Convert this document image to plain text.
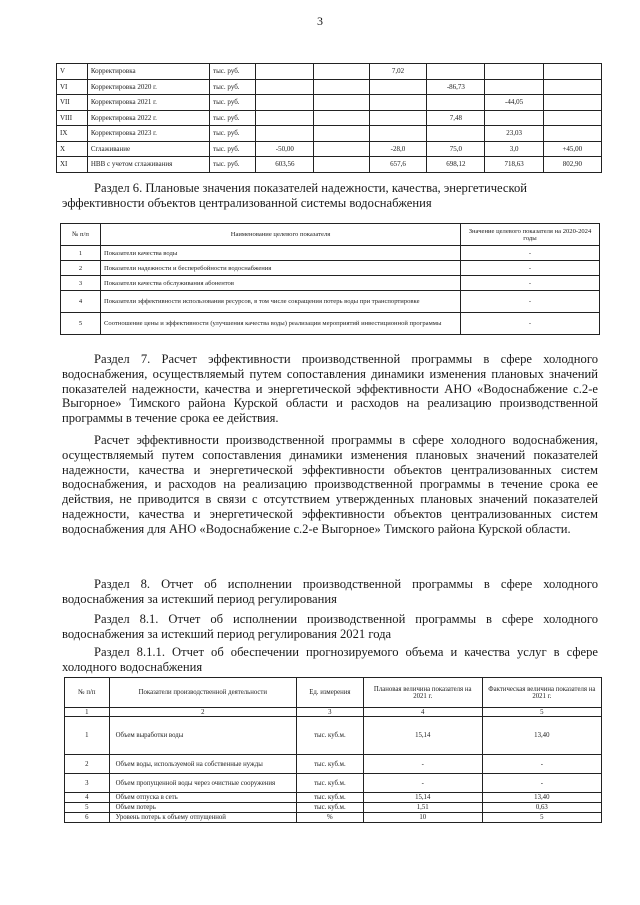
3
V	Корректировка	тыс. руб.			7,02			
VI	Корректировка 2020 г.	тыс. руб.				-86,73		
VII	Корректировка 2021 г.	тыс. руб.					-44,05	
VIII	Корректировка 2022 г.	тыс. руб.				7,48		
IX	Корректировка 2023 г.	тыс. руб.					23,03	
X	Сглаживание	тыс. руб.	-50,00		-28,0	75,0	3,0	+45,00
XI	НВВ с учетом сглаживания	тыс. руб.	603,56		657,6	698,12	718,63	802,90
Раздел 6. Плановые значения показателей надежности, качества, энергетической эффективности объектов централизованной системы водоснабжения
№ п/п	Наименование целевого показателя	Значение целевого показателя на 2020-2024 годы
1	Показатели качества воды	-
2	Показатели надежности и бесперебойности водоснабжения	-
3	Показатели качества обслуживания абонентов	-
4	Показатели эффективности использования ресурсов, в том числе сокращения потерь воды при транспортировке	-
5	Соотношение цены и эффективности (улучшения качества воды) реализации мероприятий инвестиционной программы	-
Раздел 7. Расчет эффективности производственной программы в сфере холодного водоснабжения, осуществляемый путем сопоставления динамики изменения плановых значений показателей надежности, качества и энергетической эффективности АНО «Водоснабжение с.2-е Выгорное» Тимского района Курской области и расходов на реализацию производственной программы в течение срока ее действия.
Расчет эффективности производственной программы в сфере холодного водоснабжения, осуществляемый путем сопоставления динамики изменения плановых значений показателей надежности, качества и энергетической эффективности объектов централизованных систем водоснабжения, и расходов на реализацию производственной программы в течение срока ее действия, не приводится в связи с отсутствием утвержденных плановых значений показателей надежности, качества и энергетической эффективности объектов централизованных систем водоснабжения для АНО «Водоснабжение с.2-е Выгорное» Тимского района Курской области.
Раздел 8. Отчет об исполнении производственной программы в сфере холодного водоснабжения за истекший период регулирования
Раздел 8.1. Отчет об исполнении производственной программы в сфере холодного водоснабжения за истекший период регулирования 2021 года
Раздел 8.1.1. Отчет об обеспечении прогнозируемого объема и качества услуг в сфере холодного водоснабжения
№ п/п	Показатели производственной деятельности	Ед. измерения	Плановая величина показателя на 2021 г.	Фактическая величина показателя на 2021 г.
1	2	3	4	5
1	Объем выработки воды	тыс. куб.м.	15,14	13,40
2	Объем воды, используемой на собственные нужды	тыс. куб.м.	-	-
3	Объем пропущенной воды через очистные сооружения	тыс. куб.м.	-	-
4	Объем отпуска в сеть	тыс. куб.м.	15,14	13,40
5	Объем потерь	тыс. куб.м.	1,51	0,63
6	Уровень потерь к объему отпущенной	%	10	5
